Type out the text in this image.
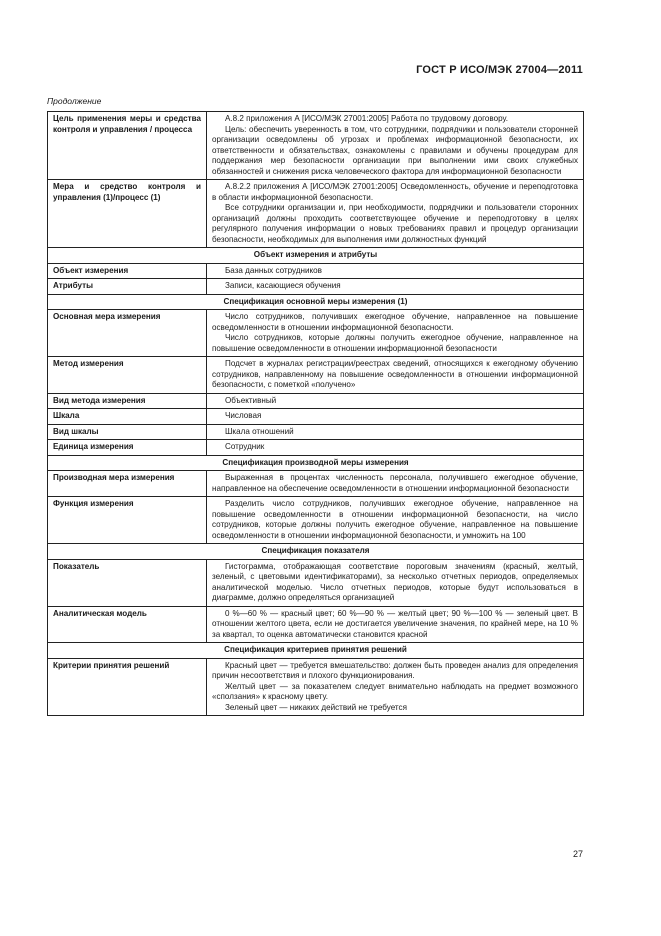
ГОСТ Р ИСО/МЭК 27004—2011
Продолжение
Цель применения меры и средства контроля и управления / процесса	А.8.2 приложения А [ИСО/МЭК 27001:2005] Работа по трудовому договору.

Цель: обеспечить уверенность в том, что сотрудники, подрядчики и пользователи сторонней организации осведомлены об угрозах и проблемах информационной безопасности, их ответственности и обязательствах, ознакомлены с правилами и обучены процедурам для поддержания мер безопасности организации при выполнении ими своих служебных обязанностей и снижения риска человеческого фактора для информационной безопасности

Мера и средство контроля и управления (1)/процесс (1)	А.8.2.2 приложения А [ИСО/МЭК 27001:2005] Осведомленность, обучение и переподготовка в области информационной безопасности.

Все сотрудники организации и, при необходимости, подрядчики и пользователи сторонних организаций должны проходить соответствующее обучение и переподготовку в целях регулярного получения информации о новых требованиях правил и процедур организации безопасности, необходимых для выполнения ими должностных функций

Объект измерения и атрибуты	
Объект измерения	База данных сотрудников

Атрибуты	Записи, касающиеся обучения

Спецификация основной меры измерения (1)	
Основная мера измерения	Число сотрудников, получивших ежегодное обучение, направленное на повышение осведомленности в отношении информационной безопасности.

Число сотрудников, которые должны получить ежегодное обучение, направленное на повышение осведомленности в отношении информационной безопасности

Метод измерения	Подсчет в журналах регистрации/реестрах сведений, относящихся к ежегодному обучению сотрудников, направленному на повышение осведомленности в отношении информационной безопасности, с пометкой «получено»

Вид метода измерения	Объективный

Шкала	Числовая

Вид шкалы	Шкала отношений

Единица измерения	Сотрудник

Спецификация производной меры измерения	
Производная мера измерения	Выраженная в процентах численность персонала, получившего ежегодное обучение, направленное на обеспечение осведомленности в отношении информационной безопасности

Функция измерения	Разделить число сотрудников, получивших ежегодное обучение, направленное на повышение осведомленности в отношении информационной безопасности, на число сотрудников, которые должны получить ежегодное обучение, направленное на повышение осведомленности в отношении информационной безопасности, и умножить на 100

Спецификация показателя	
Показатель	Гистограмма, отображающая соответствие пороговым значениям (красный, желтый, зеленый, с цветовыми идентификаторами), за несколько отчетных периодов, определяемых аналитической моделью. Число отчетных периодов, которые будут использоваться в диаграмме, должно определяться организацией

Аналитическая модель	0 %—60 % — красный цвет; 60 %—90 % — желтый цвет; 90 %—100 % — зеленый цвет. В отношении желтого цвета, если не достигается увеличение значения, по крайней мере, на 10 % за квартал, то оценка автоматически становится красной

Спецификация критериев принятия решений	
Критерии принятия решений	Красный цвет — требуется вмешательство: должен быть проведен анализ для определения причин несоответствия и плохого функционирования.

Желтый цвет — за показателем следует внимательно наблюдать на предмет возможного «сползания» к красному цвету.

Зеленый цвет — никаких действий не требуется

27
